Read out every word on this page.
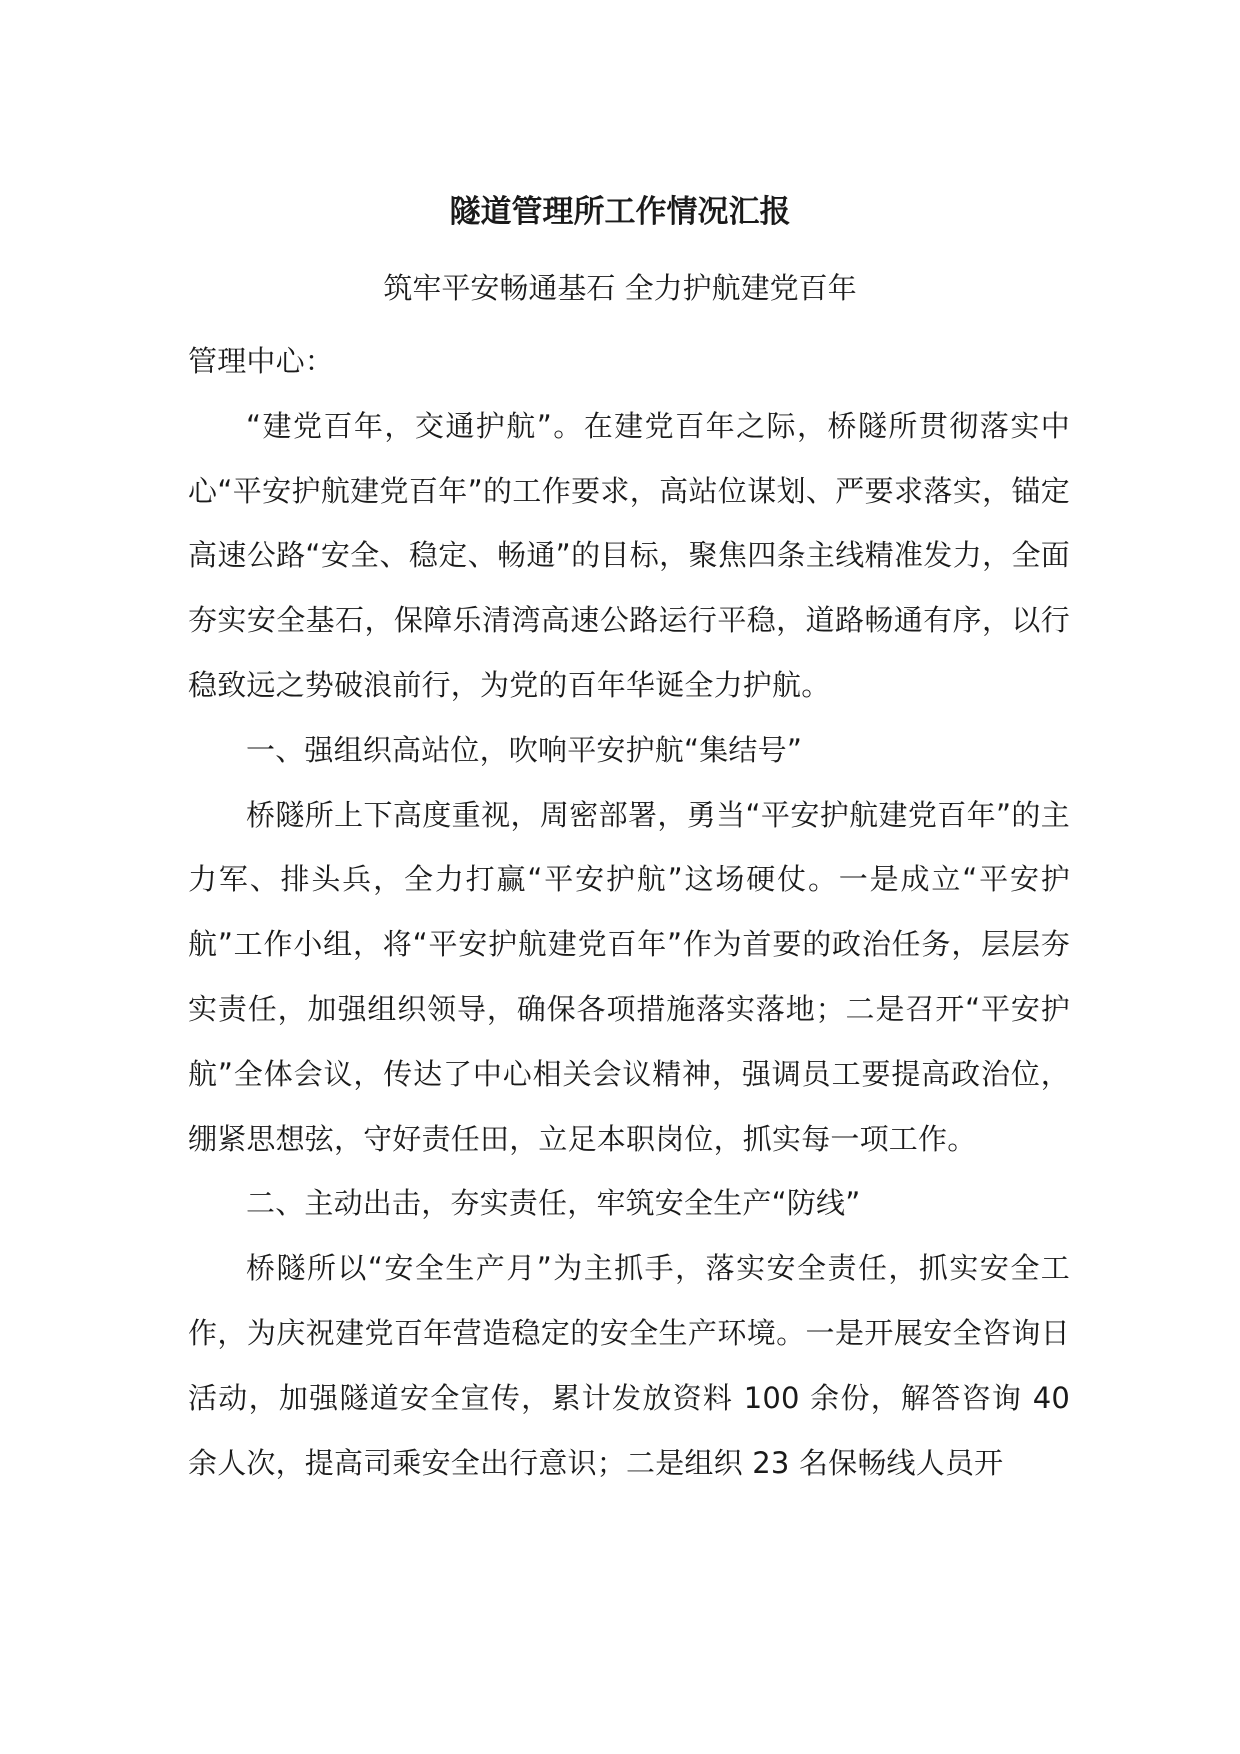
隧道管理所工作情况汇报
筑牢平安畅通基石 全力护航建党百年

管理中心：

“建党百年，交通护航”。在建党百年之际，桥隧所贯彻落实中心“平安护航建党百年”的工作要求，高站位谋划、严要求落实，锚定高速公路“安全、稳定、畅通”的目标，聚焦四条主线精准发力，全面夯实安全基石，保障乐清湾高速公路运行平稳，道路畅通有序，以行稳致远之势破浪前行，为党的百年华诞全力护航。

一、强组织高站位，吹响平安护航“集结号”

桥隧所上下高度重视，周密部署，勇当“平安护航建党百年”的主力军、排头兵，全力打赢“平安护航”这场硬仗。一是成立“平安护航”工作小组，将“平安护航建党百年”作为首要的政治任务，层层夯实责任，加强组织领导，确保各项措施落实落地；二是召开“平安护航”全体会议，传达了中心相关会议精神，强调员工要提高政治位，绷紧思想弦，守好责任田，立足本职岗位，抓实每一项工作。

二、主动出击，夯实责任，牢筑安全生产“防线”

桥隧所以“安全生产月”为主抓手，落实安全责任，抓实安全工作，为庆祝建党百年营造稳定的安全生产环境。一是开展安全咨询日活动，加强隧道安全宣传，累计发放资料 100 余份，解答咨询 40 余人次，提高司乘安全出行意识；二是组织 23 名保畅线人员开
